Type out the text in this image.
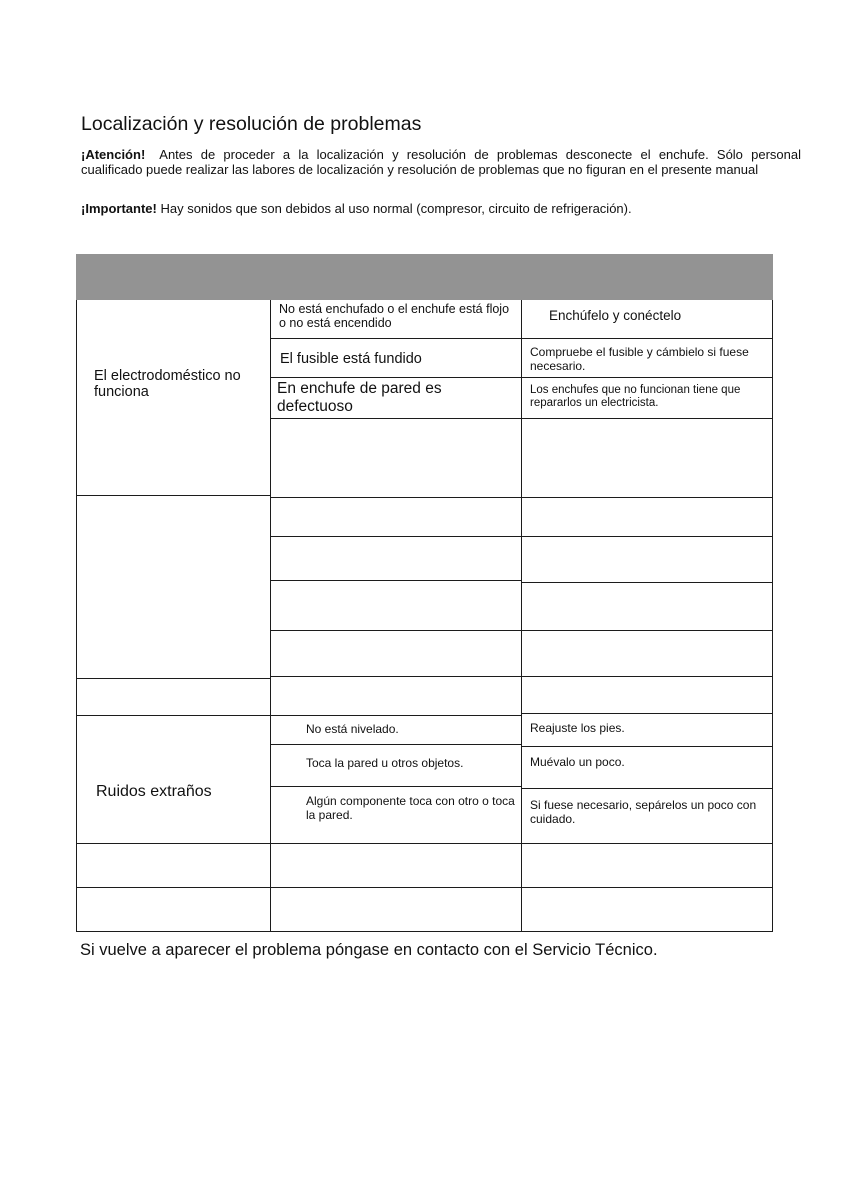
Localización y resolución de problemas
¡Atención! Antes de proceder a la localización y resolución de problemas desconecte el enchufe. Sólo personal cualificado puede realizar las labores de localización y resolución de problemas que no figuran en el presente manual
¡Importante! Hay sonidos que son debidos al uso normal (compresor, circuito de refrigeración).
El electrodoméstico no funciona
Ruidos extraños
No está enchufado o el enchufe está flojo o no está encendido
El fusible está fundido
En enchufe de pared es defectuoso
No está nivelado.
Toca la pared u otros objetos.
Algún componente toca con otro o toca la pared.
Enchúfelo y conéctelo
Compruebe el fusible y cámbielo si fuese necesario.
Los enchufes que no funcionan tiene que repararlos un electricista.
Reajuste los pies.
Muévalo un poco.
Si fuese necesario, sepárelos un poco con cuidado.
Si vuelve a aparecer el problema póngase en contacto con el Servicio Técnico.
